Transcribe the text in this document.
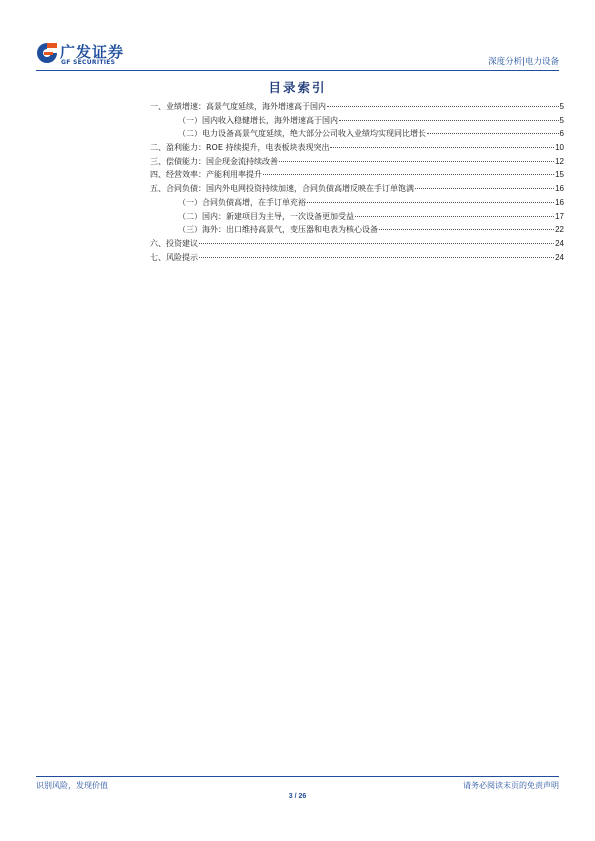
广发证券
GF SECURITIES	深度分析|电力设备
目录索引
一、业绩增速：高景气度延续，海外增速高于国内	5
（一）国内收入稳健增长，海外增速高于国内	5
（二）电力设备高景气度延续，绝大部分公司收入业绩均实现同比增长	6
二、盈利能力：ROE 持续提升，电表板块表现突出	10
三、偿债能力：国企现金流持续改善	12
四、经营效率：产能利用率提升	15
五、合同负债：国内外电网投资持续加速，合同负债高增反映在手订单饱满	16
（一）合同负债高增，在手订单充裕	16
（二）国内：新建项目为主导，一次设备更加受益	17
（三）海外：出口维持高景气，变压器和电表为核心设备	22
六、投资建议	24
七、风险提示	24
识别风险，发现价值	请务必阅读末页的免责声明
3 / 26
